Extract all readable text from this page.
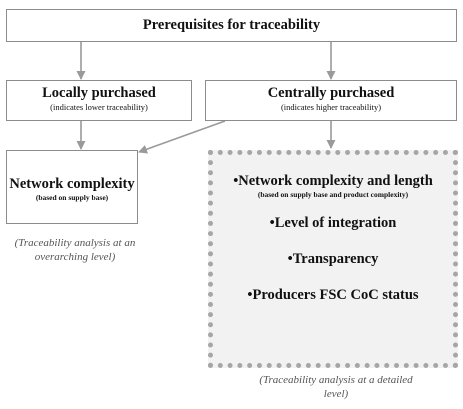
Prerequisites for traceability
Locally purchased
(indicates lower traceability)
Centrally purchased
(indicates higher traceability)
Network complexity
(based on supply base)
•Network complexity and length
(based on supply base and product complexity)
•Level of integration
•Transparency
•Producers FSC CoC status
(Traceability analysis at an overarching level)
(Traceability analysis at a detailed level)
